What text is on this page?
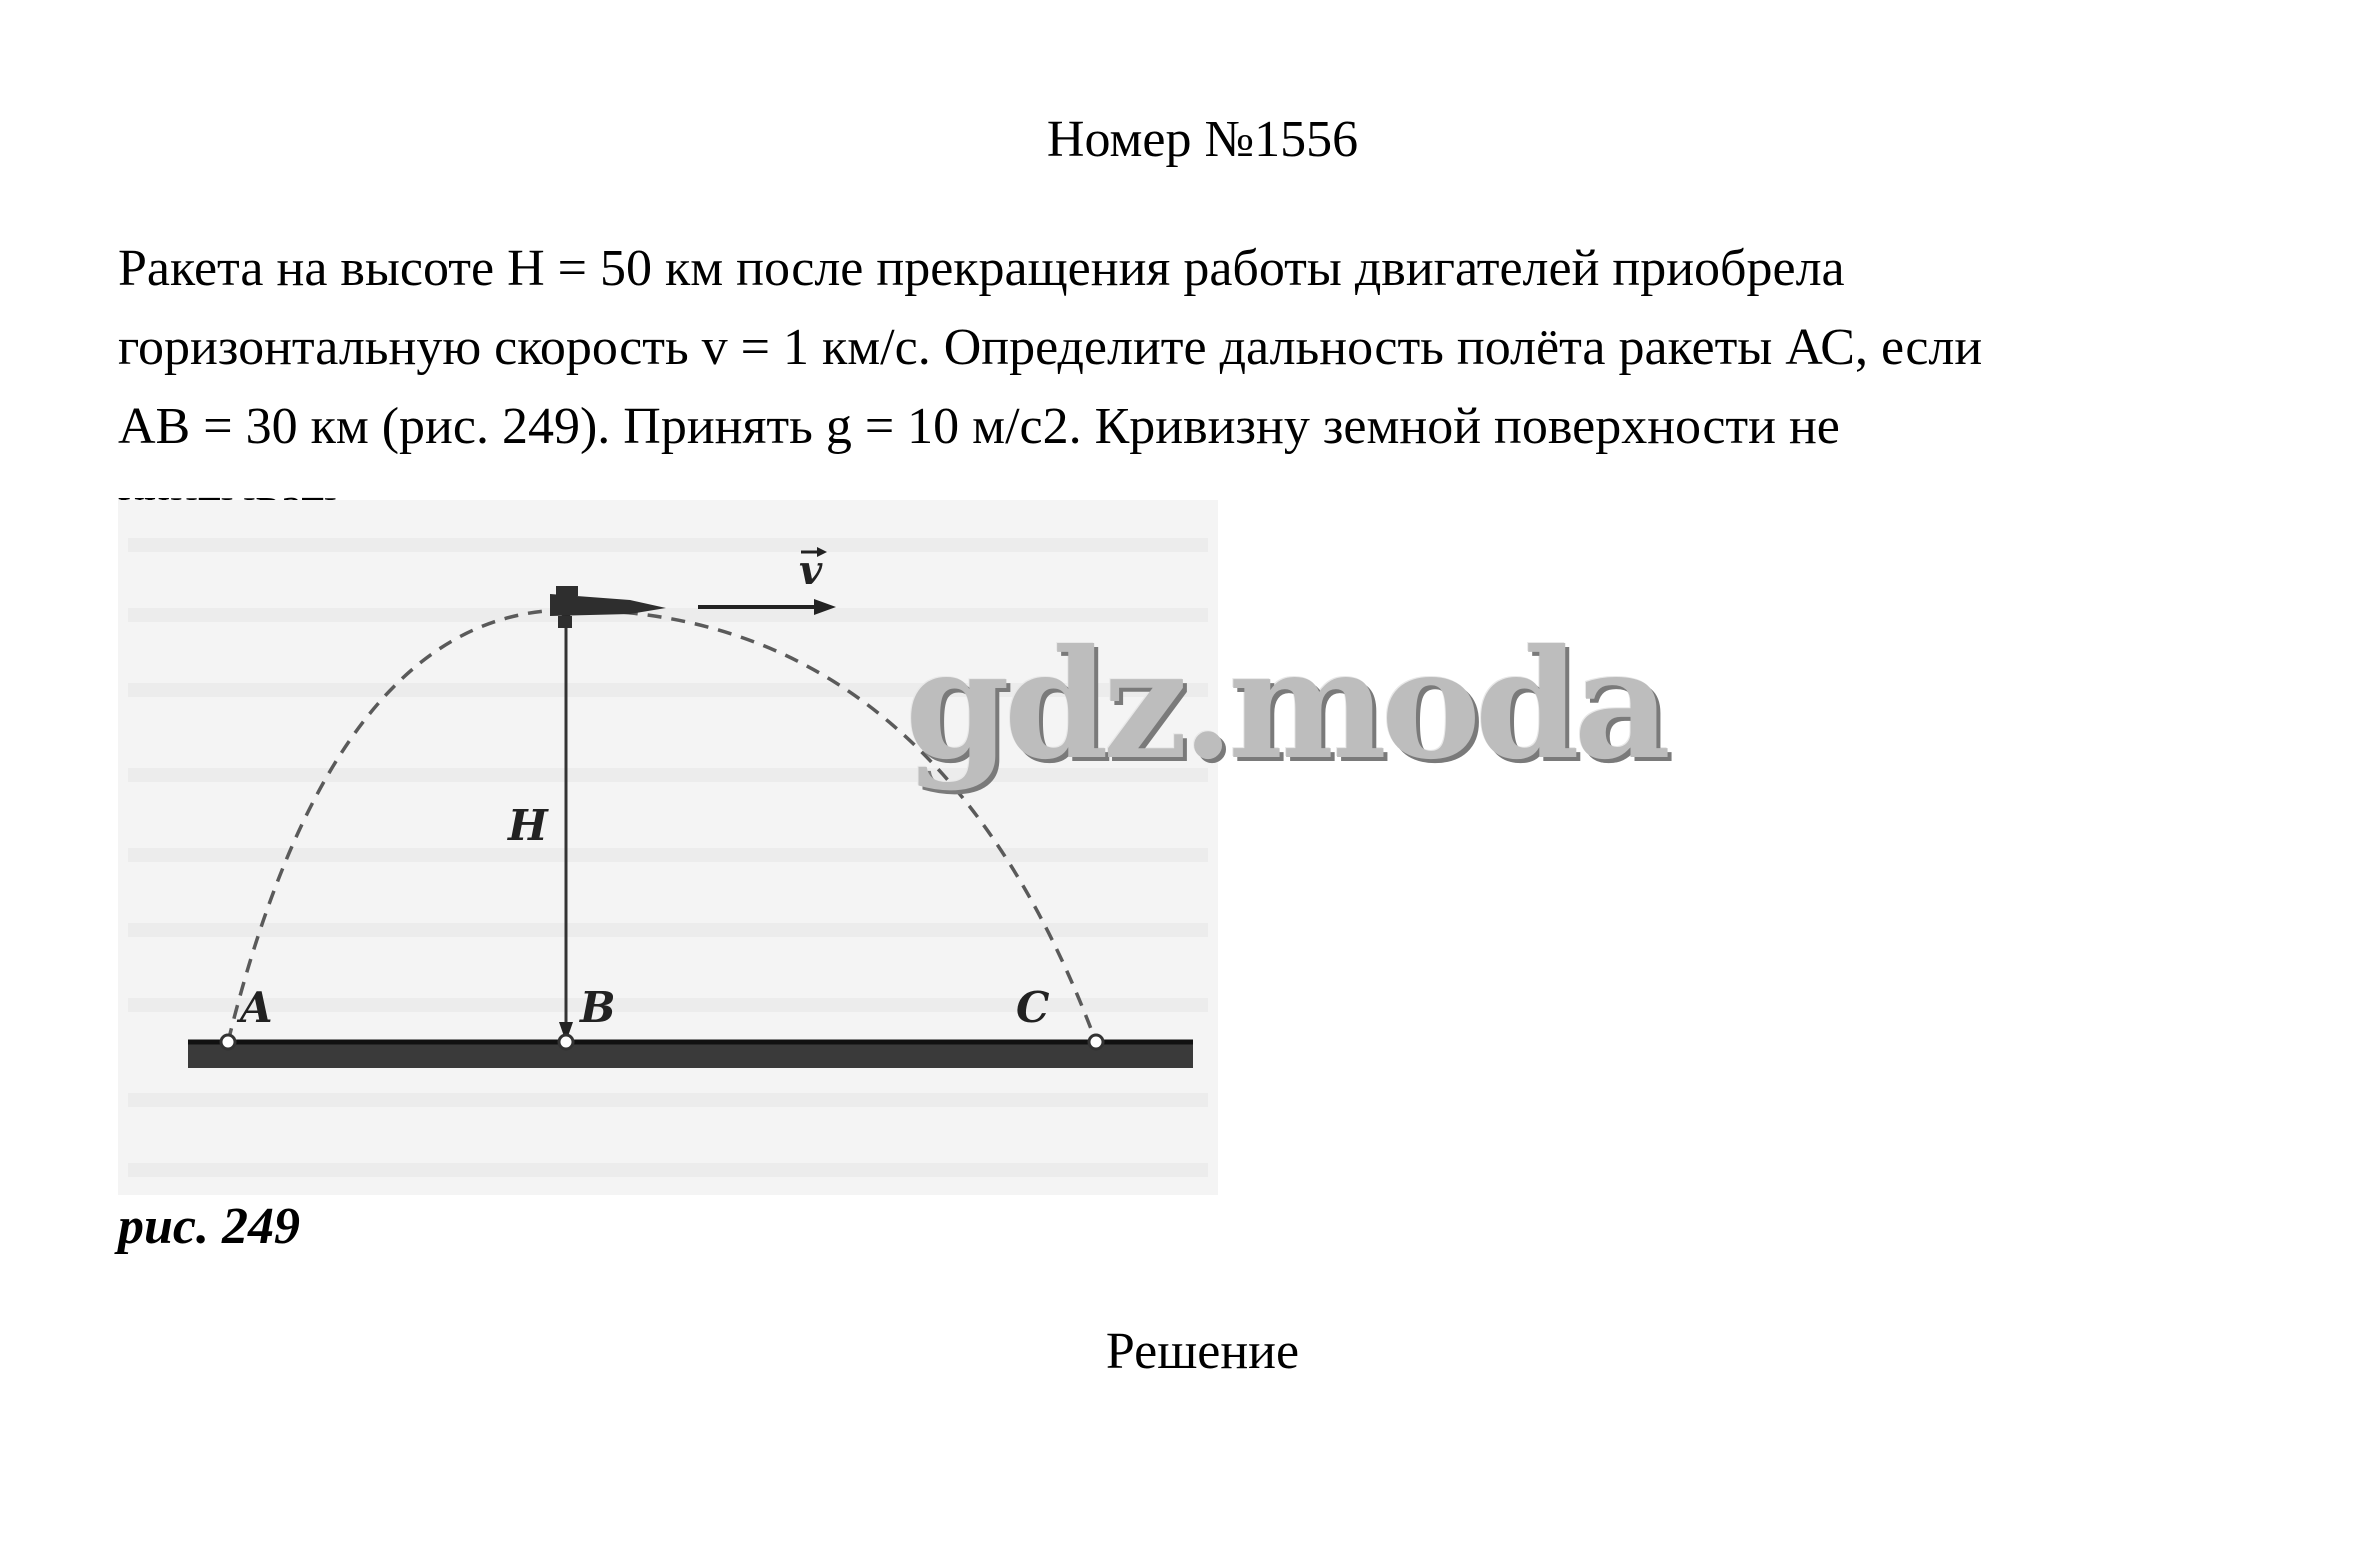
Номер №1556
Ракета на высоте H = 50 км после прекращения работы двигателей приобрела
горизонтальную скорость v = 1 км/с. Определите дальность полёта ракеты АС, если
АВ = 30 км (рис. 249). Принять g = 10 м/с2. Кривизну земной поверхности не
v
H
A	B	C
gdz.moda
рис. 249
Решение
